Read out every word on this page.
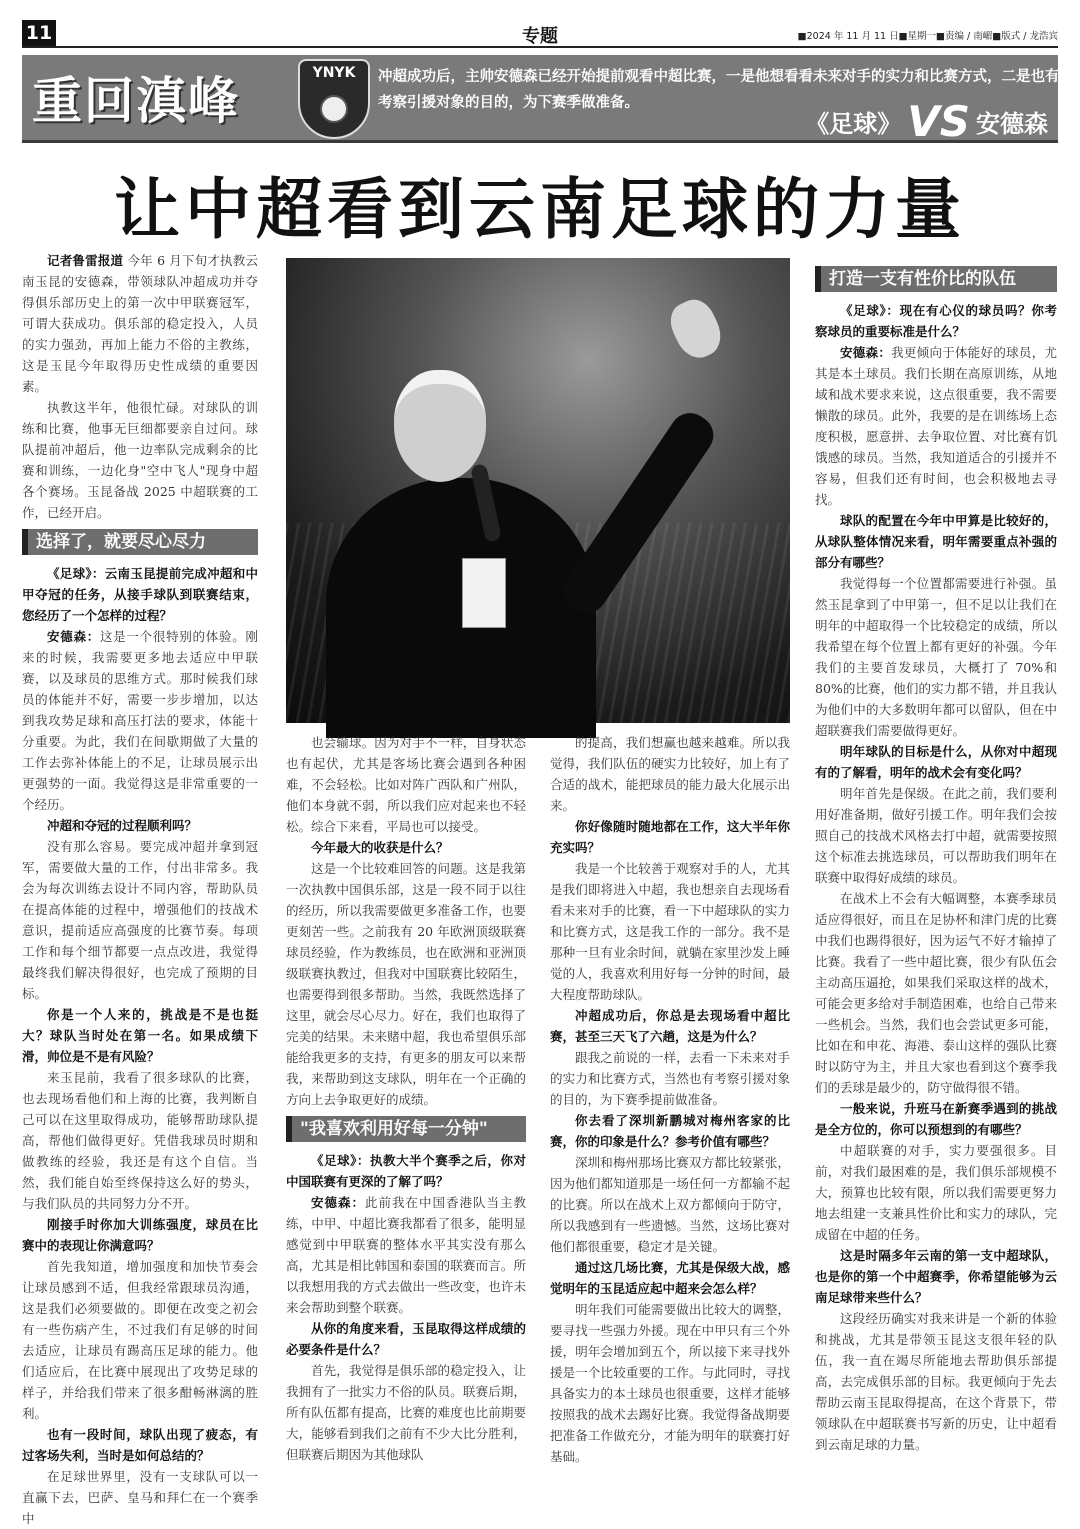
11	专题	■2024 年 11 月 11 日■星期一■责编 / 南嵋■版式 / 龙浩宾
重回滇峰	YNYK	冲超成功后，主帅安德森已经开始提前观看中超比赛，一是他想看看未来对手的实力和比赛方式，二是也有考察引援对象的目的，为下赛季做准备。
《足球》 VS 安德森
让中超看到云南足球的力量

记者鲁雷报道 今年 6 月下旬才执教云南玉昆的安德森，带领球队冲超成功并夺得俱乐部历史上的第一次中甲联赛冠军，可谓大获成功。俱乐部的稳定投入，人员的实力强劲，再加上能力不俗的主教练，这是玉昆今年取得历史性成绩的重要因素。

执教这半年，他很忙碌。对球队的训练和比赛，他事无巨细都要亲自过问。球队提前冲超后，他一边率队完成剩余的比赛和训练，一边化身"空中飞人"现身中超各个赛场。玉昆备战 2025 中超联赛的工作，已经开启。

选择了，就要尽心尽力

《足球》：云南玉昆提前完成冲超和中甲夺冠的任务，从接手球队到联赛结束，您经历了一个怎样的过程？

安德森：这是一个很特别的体验。刚来的时候，我需要更多地去适应中甲联赛，以及球员的思维方式。那时候我们球员的体能并不好，需要一步步增加，以达到我攻势足球和高压打法的要求，体能十分重要。为此，我们在间歇期做了大量的工作去弥补体能上的不足，让球员展示出更强势的一面。我觉得这是非常重要的一个经历。

冲超和夺冠的过程顺利吗？

没有那么容易。要完成冲超并拿到冠军，需要做大量的工作，付出非常多。我会为每次训练去设计不同内容，帮助队员在提高体能的过程中，增强他们的技战术意识，提前适应高强度的比赛节奏。每项工作和每个细节都要一点点改进，我觉得最终我们解决得很好，也完成了预期的目标。

你是一个人来的，挑战是不是也挺大？球队当时处在第一名。如果成绩下滑，帅位是不是有风险？

来玉昆前，我看了很多球队的比赛，也去现场看他们和上海的比赛，我判断自己可以在这里取得成功，能够帮助球队提高，帮他们做得更好。凭借我球员时期和做教练的经验，我还是有这个自信。当然，我们能自始至终保持这么好的势头，与我们队员的共同努力分不开。

刚接手时你加大训练强度，球员在比赛中的表现让你满意吗？

首先我知道，增加强度和加快节奏会让球员感到不适，但我经常跟球员沟通，这是我们必须要做的。即便在改变之初会有一些伤病产生，不过我们有足够的时间去适应，让球员有踢高压足球的能力。他们适应后，在比赛中展现出了攻势足球的样子，并给我们带来了很多酣畅淋漓的胜利。

也有一段时间，球队出现了疲态，有过客场失利，当时是如何总结的？

在足球世界里，没有一支球队可以一直赢下去，巴萨、皇马和拜仁在一个赛季中

也会输球。因为对手不一样，自身状态也有起伏，尤其是客场比赛会遇到各种困难，不会轻松。比如对阵广西队和广州队，他们本身就不弱，所以我们应对起来也不轻松。综合下来看，平局也可以接受。

今年最大的收获是什么？

这是一个比较难回答的问题。这是我第一次执教中国俱乐部，这是一段不同于以往的经历，所以我需要做更多准备工作，也要更刻苦一些。之前我有 20 年欧洲顶级联赛球员经验，作为教练员，也在欧洲和亚洲顶级联赛执教过，但我对中国联赛比较陌生，也需要得到很多帮助。当然，我既然选择了这里，就会尽心尽力。好在，我们也取得了完美的结果。未来赌中超，我也希望俱乐部能给我更多的支持，有更多的朋友可以来帮我，来帮助到这支球队，明年在一个正确的方向上去争取更好的成绩。

"我喜欢利用好每一分钟"

《足球》：执教大半个赛季之后，你对中国联赛有更深的了解了吗？

安德森：此前我在中国香港队当主教练，中甲、中超比赛我都看了很多，能明显感觉到中甲联赛的整体水平其实没有那么高，尤其是相比韩国和泰国的联赛而言。所以我想用我的方式去做出一些改变，也许未来会帮助到整个联赛。

从你的角度来看，玉昆取得这样成绩的必要条件是什么？

首先，我觉得是俱乐部的稳定投入，让我拥有了一批实力不俗的队员。联赛后期，所有队伍都有提高，比赛的难度也比前期要大，能够看到我们之前有不少大比分胜利，但联赛后期因为其他球队

的提高，我们想赢也越来越难。所以我觉得，我们队伍的硬实力比较好，加上有了合适的战术，能把球员的能力最大化展示出来。

你好像随时随地都在工作，这大半年你充实吗？

我是一个比较善于观察对手的人，尤其是我们即将进入中超，我也想亲自去现场看看未来对手的比赛，看一下中超球队的实力和比赛方式，这是我工作的一部分。我不是那种一旦有业余时间，就躺在家里沙发上睡觉的人，我喜欢利用好每一分钟的时间，最大程度帮助球队。

冲超成功后，你总是去现场看中超比赛，甚至三天飞了六趟，这是为什么？

跟我之前说的一样，去看一下未来对手的实力和比赛方式，当然也有考察引援对象的目的，为下赛季提前做准备。

你去看了深圳新鹏城对梅州客家的比赛，你的印象是什么？参考价值有哪些？

深圳和梅州那场比赛双方都比较紧张，因为他们都知道那是一场任何一方都输不起的比赛。所以在战术上双方都倾向于防守，所以我感到有一些遗憾。当然，这场比赛对他们都很重要，稳定才是关键。

通过这几场比赛，尤其是保级大战，感觉明年的玉昆适应起中超来会怎么样？

明年我们可能需要做出比较大的调整，要寻找一些强力外援。现在中甲只有三个外援，明年会增加到五个，所以接下来寻找外援是一个比较重要的工作。与此同时，寻找具备实力的本土球员也很重要，这样才能够按照我的战术去踢好比赛。我觉得备战期要把准备工作做充分，才能为明年的联赛打好基础。

打造一支有性价比的队伍

《足球》：现在有心仪的球员吗？你考察球员的重要标准是什么？

安德森：我更倾向于体能好的球员，尤其是本土球员。我们长期在高原训练，从地域和战术要求来说，这点很重要，我不需要懒散的球员。此外，我要的是在训练场上态度积极，愿意拼、去争取位置、对比赛有饥饿感的球员。当然，我知道适合的引援并不容易，但我们还有时间，也会积极地去寻找。

球队的配置在今年中甲算是比较好的，从球队整体情况来看，明年需要重点补强的部分有哪些？

我觉得每一个位置都需要进行补强。虽然玉昆拿到了中甲第一，但不足以让我们在明年的中超取得一个比较稳定的成绩，所以我希望在每个位置上都有更好的补强。今年我们的主要首发球员，大概打了 70%和 80%的比赛，他们的实力都不错，并且我认为他们中的大多数明年都可以留队，但在中超联赛我们需要做得更好。

明年球队的目标是什么，从你对中超现有的了解看，明年的战术会有变化吗？

明年首先是保级。在此之前，我们要利用好准备期，做好引援工作。明年我们会按照自己的技战术风格去打中超，就需要按照这个标准去挑选球员，可以帮助我们明年在联赛中取得好成绩的球员。

在战术上不会有大幅调整，本赛季球员适应得很好，而且在足协杯和津门虎的比赛中我们也踢得很好，因为运气不好才输掉了比赛。我看了一些中超比赛，很少有队伍会主动高压逼抢，如果我们采取这样的战术，可能会更多给对手制造困难，也给自己带来一些机会。当然，我们也会尝试更多可能，比如在和申花、海港、泰山这样的强队比赛时以防守为主，并且大家也看到这个赛季我们的丢球是最少的，防守做得很不错。

一般来说，升班马在新赛季遇到的挑战是全方位的，你可以预想到的有哪些？

中超联赛的对手，实力要强很多。目前，对我们最困难的是，我们俱乐部规模不大，预算也比较有限，所以我们需要更努力地去组建一支兼具性价比和实力的球队，完成留在中超的任务。

这是时隔多年云南的第一支中超球队，也是你的第一个中超赛季，你希望能够为云南足球带来些什么？

这段经历确实对我来讲是一个新的体验和挑战，尤其是带领玉昆这支很年轻的队伍，我一直在竭尽所能地去帮助俱乐部提高，去完成俱乐部的目标。我更倾向于先去帮助云南玉昆取得提高，在这个背景下，带领球队在中超联赛书写新的历史，让中超看到云南足球的力量。
